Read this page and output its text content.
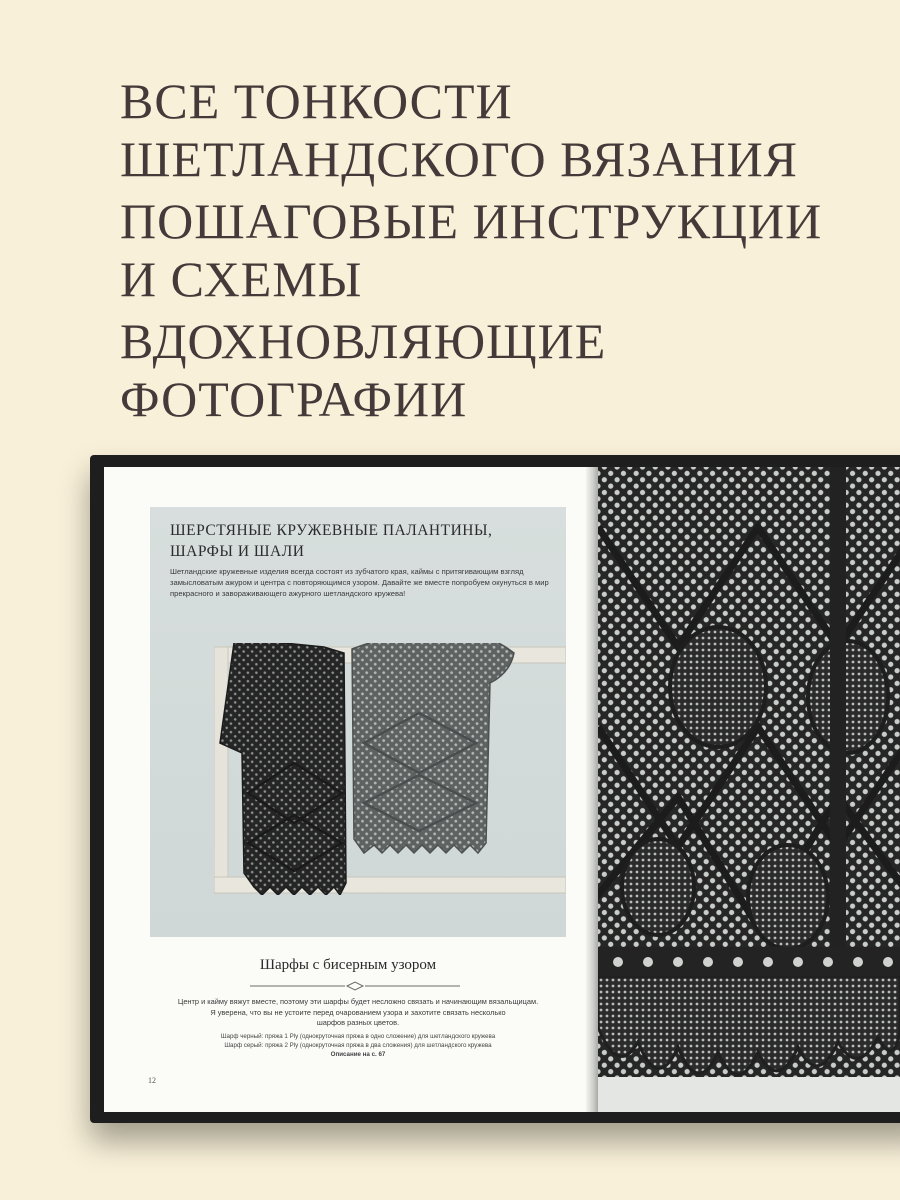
ВСЕ ТОНКОСТИ
ШЕТЛАНДСКОГО ВЯЗАНИЯ
ПОШАГОВЫЕ ИНСТРУКЦИИ
И СХЕМЫ
ВДОХНОВЛЯЮЩИЕ
ФОТОГРАФИИ
ШЕРСТЯНЫЕ КРУЖЕВНЫЕ ПАЛАНТИНЫ,
ШАРФЫ И ШАЛИ
Шетландские кружевные изделия всегда состоят из зубчатого края, каймы с притягивающим взгляд замысловатым ажуром и центра с повторяющимся узором. Давайте же вместе попробуем окунуться в мир прекрасного и завораживающего ажурного шетландского кружева!
Шарфы с бисерным узором
Центр и кайму вяжут вместе, поэтому эти шарфы будет несложно связать и начинающим вязальщицам.
Я уверена, что вы не устоите перед очарованием узора и захотите связать несколько
шарфов разных цветов.
Шарф черный: пряжа 1 Ply (однокруточная пряжа в одно сложение) для шетландского кружева
Шарф серый: пряжа 2 Ply (однокруточная пряжа в два сложения) для шетландского кружева
Описание на с. 67
12
